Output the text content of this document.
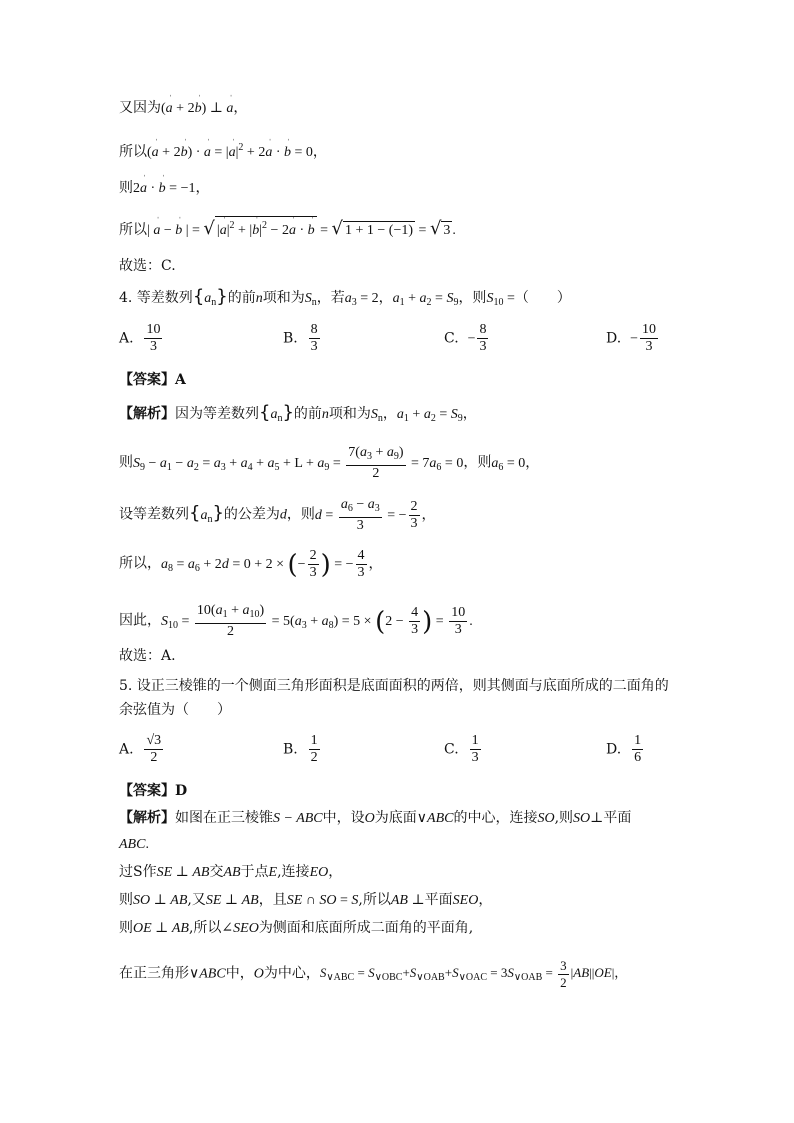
又因为(ˈ a + 2ˈ b) ⊥ ˈ a，
所以(ˈ a + 2ˈ b) · ˈ a = |ˈ $a|^2$ + 2ˈ a · ˈ b = 0，
则2ˈ a · ˈ b = −1，
所以| ˈ a − ˈ b | = √ |ˈ $a|^2$ + |ˈ $b|^2$ − 2ˈ a · ˈ b = √ 1 + 1 − (−1) = √ 3 .
故选：C.
4. 等差数列$\{a_n\}$的前n项和为$S_n$，若$a_3 = 2$，$a_1 + a_2 = S_9$，则$S_{10}$ =（　　）
A. $\frac{10}{3}$	B. $\frac{8}{3}$	C. − $\frac{8}{3}$	D. − $\frac{10}{3}$
【答案】A
【解析】因为等差数列$\{a_n\}$的前n项和为$S_n$，$a_1 + a_2 = S_9$，
则$S_9 - a_1 - a_2 = a_3 + a_4 + a_5 + L + a_9 = \frac{7(a_3 + a_9)}{2} = 7a_6 = 0$，则$a_6 = 0$，
设等差数列$\{a_n\}$的公差为d，则$d = \frac{a_6 - a_3}{3}$ = − $\frac{2}{3}$ ，
所以，$a_8 = a_6 + 2d = 0 + 2$ × (− $\frac{2}{3}$ ) = − $\frac{4}{3}$ ，
因此，$S_{10} = \frac{10(a_1 + a_{10})}{2} = 5(a_3 + a_8) = 5 \times (2 - \frac{4}{3}$ ) = $\frac{10}{3}$ .
故选：A.
5. 设正三棱锥的一个侧面三角形面积是底面面积的两倍，则其侧面与底面所成的二面角的
余弦值为（　　）
A. $\frac{√3}{2}$	B. $\frac{1}{2}$	C. $\frac{1}{3}$	D. $\frac{1}{6}$
【答案】D
【解析】如图在正三棱锥S − ABC中，设O为底面∨ABC的中心，连接SO,则SO⊥平面
ABC.
过S作SE ⊥ AB交AB于点E,连接EO，
则SO ⊥ AB,又SE ⊥ AB，且SE ∩ SO = S,所以AB ⊥平面SEO，
则OE ⊥ AB,所以∠SEO为侧面和底面所成二面角的平面角,
在正三角形∨ABC中，O为中心，$S_{\vee ABC} = S_{\vee OBC}+S_{\vee OAB}+S_{\vee OAC} = 3S_{\vee OAB} = \frac{3}{2} |AB||OE|$，
